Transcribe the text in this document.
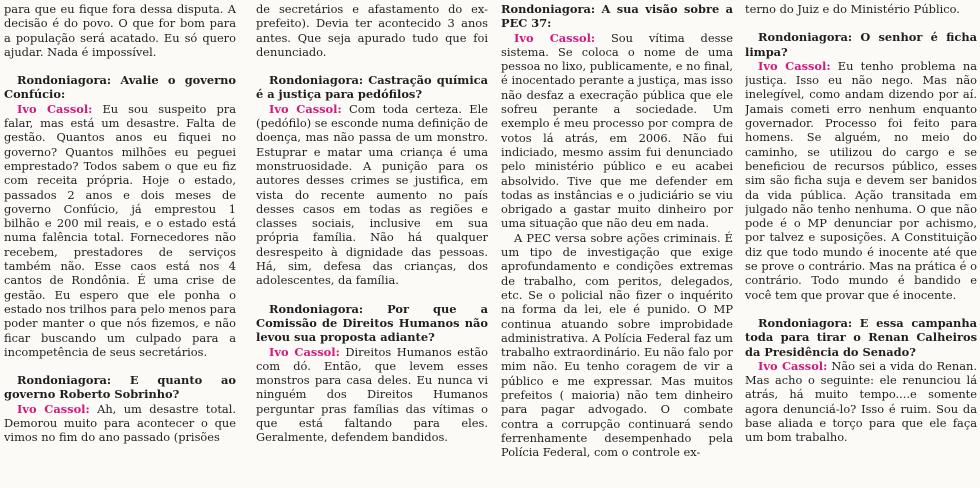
para que eu fique fora dessa disputa. A decisão é do povo. O que for bom para a população será acatado. Eu só quero ajudar. Nada é impossível.

Rondoniagora: Avalie o governo Confúcio:

Ivo Cassol: Eu sou suspeito pra falar, mas está um desastre. Falta de gestão. Quantos anos eu fiquei no governo? Quantos milhões eu peguei emprestado? Todos sabem o que eu fiz com receita própria. Hoje o estado, passados 2 anos e dois meses de governo Confúcio, já emprestou 1 bilhão e 200 mil reais, e o estado está numa falência total. Fornecedores não recebem, prestadores de serviços também não. Esse caos está nos 4 cantos de Rondônia. É uma crise de gestão. Eu espero que ele ponha o estado nos trilhos para pelo menos para poder manter o que nós fizemos, e não ficar buscando um culpado para a incompetência de seus secretários.

Rondoniagora: E quanto ao governo Roberto Sobrinho?

Ivo Cassol: Ah, um desastre total. Demorou muito para acontecer o que vimos no fim do ano passado (prisões

de secretários e afastamento do ex-prefeito). Devia ter acontecido 3 anos antes. Que seja apurado tudo que foi denunciado.

Rondoniagora: Castração química é a justiça para pedófilos?

Ivo Cassol: Com toda certeza. Ele (pedófilo) se esconde numa definição de doença, mas não passa de um monstro. Estuprar e matar uma criança é uma monstruosidade. A punição para os autores desses crimes se justifica, em vista do recente aumento no país desses casos em todas as regiões e classes sociais, inclusive em sua própria família. Não há qualquer desrespeito à dignidade das pessoas. Há, sim, defesa das crianças, dos adolescentes, da família.

Rondoniagora: Por que a Comissão de Direitos Humanos não levou sua proposta adiante?

Ivo Cassol: Direitos Humanos estão com dó. Então, que levem esses monstros para casa deles. Eu nunca vi ninguém dos Direitos Humanos perguntar pras famílias das vítimas o que está faltando para eles. Geralmente, defendem bandidos.

Rondoniagora: A sua visão sobre a PEC 37:

Ivo Cassol: Sou vítima desse sistema. Se coloca o nome de uma pessoa no lixo, publicamente, e no final, é inocentado perante a justiça, mas isso não desfaz a execração pública que ele sofreu perante a sociedade. Um exemplo é meu processo por compra de votos lá atrás, em 2006. Não fui indiciado, mesmo assim fui denunciado pelo ministério público e eu acabei absolvido. Tive que me defender em todas as instâncias e o judiciário se viu obrigado a gastar muito dinheiro por uma situação que não deu em nada.

A PEC versa sobre ações criminais. É um tipo de investigação que exige aprofundamento e condições extremas de trabalho, com peritos, delegados, etc. Se o policial não fizer o inquérito na forma da lei, ele é punido. O MP continua atuando sobre improbidade administrativa. A Polícia Federal faz um trabalho extraordinário. Eu não falo por mim não. Eu tenho coragem de vir a público e me expressar. Mas muitos prefeitos ( maioria) não tem dinheiro para pagar advogado. O combate contra a corrupção continuará sendo ferrenhamente desempenhado pela Polícia Federal, com o controle ex-

terno do Juiz e do Ministério Público.

Rondoniagora: O senhor é ficha limpa?

Ivo Cassol: Eu tenho problema na justiça. Isso eu não nego. Mas não inelegível, como andam dizendo por aí. Jamais cometi erro nenhum enquanto governador. Processo foi feito para homens. Se alguém, no meio do caminho, se utilizou do cargo e se beneficiou de recursos público, esses sim são ficha suja e devem ser banidos da vida pública. Ação transitada em julgado não tenho nenhuma. O que não pode é o MP denunciar por achismo, por talvez e suposições. A Constituição diz que todo mundo é inocente até que se prove o contrário. Mas na prática é o contrário. Todo mundo é bandido e você tem que provar que é inocente.

Rondoniagora: E essa campanha toda para tirar o Renan Calheiros da Presidência do Senado?

Ivo Cassol: Não sei a vida do Renan. Mas acho o seguinte: ele renunciou lá atrás, há muito tempo....e somente agora denunciá-lo? Isso é ruim. Sou da base aliada e torço para que ele faça um bom trabalho.
